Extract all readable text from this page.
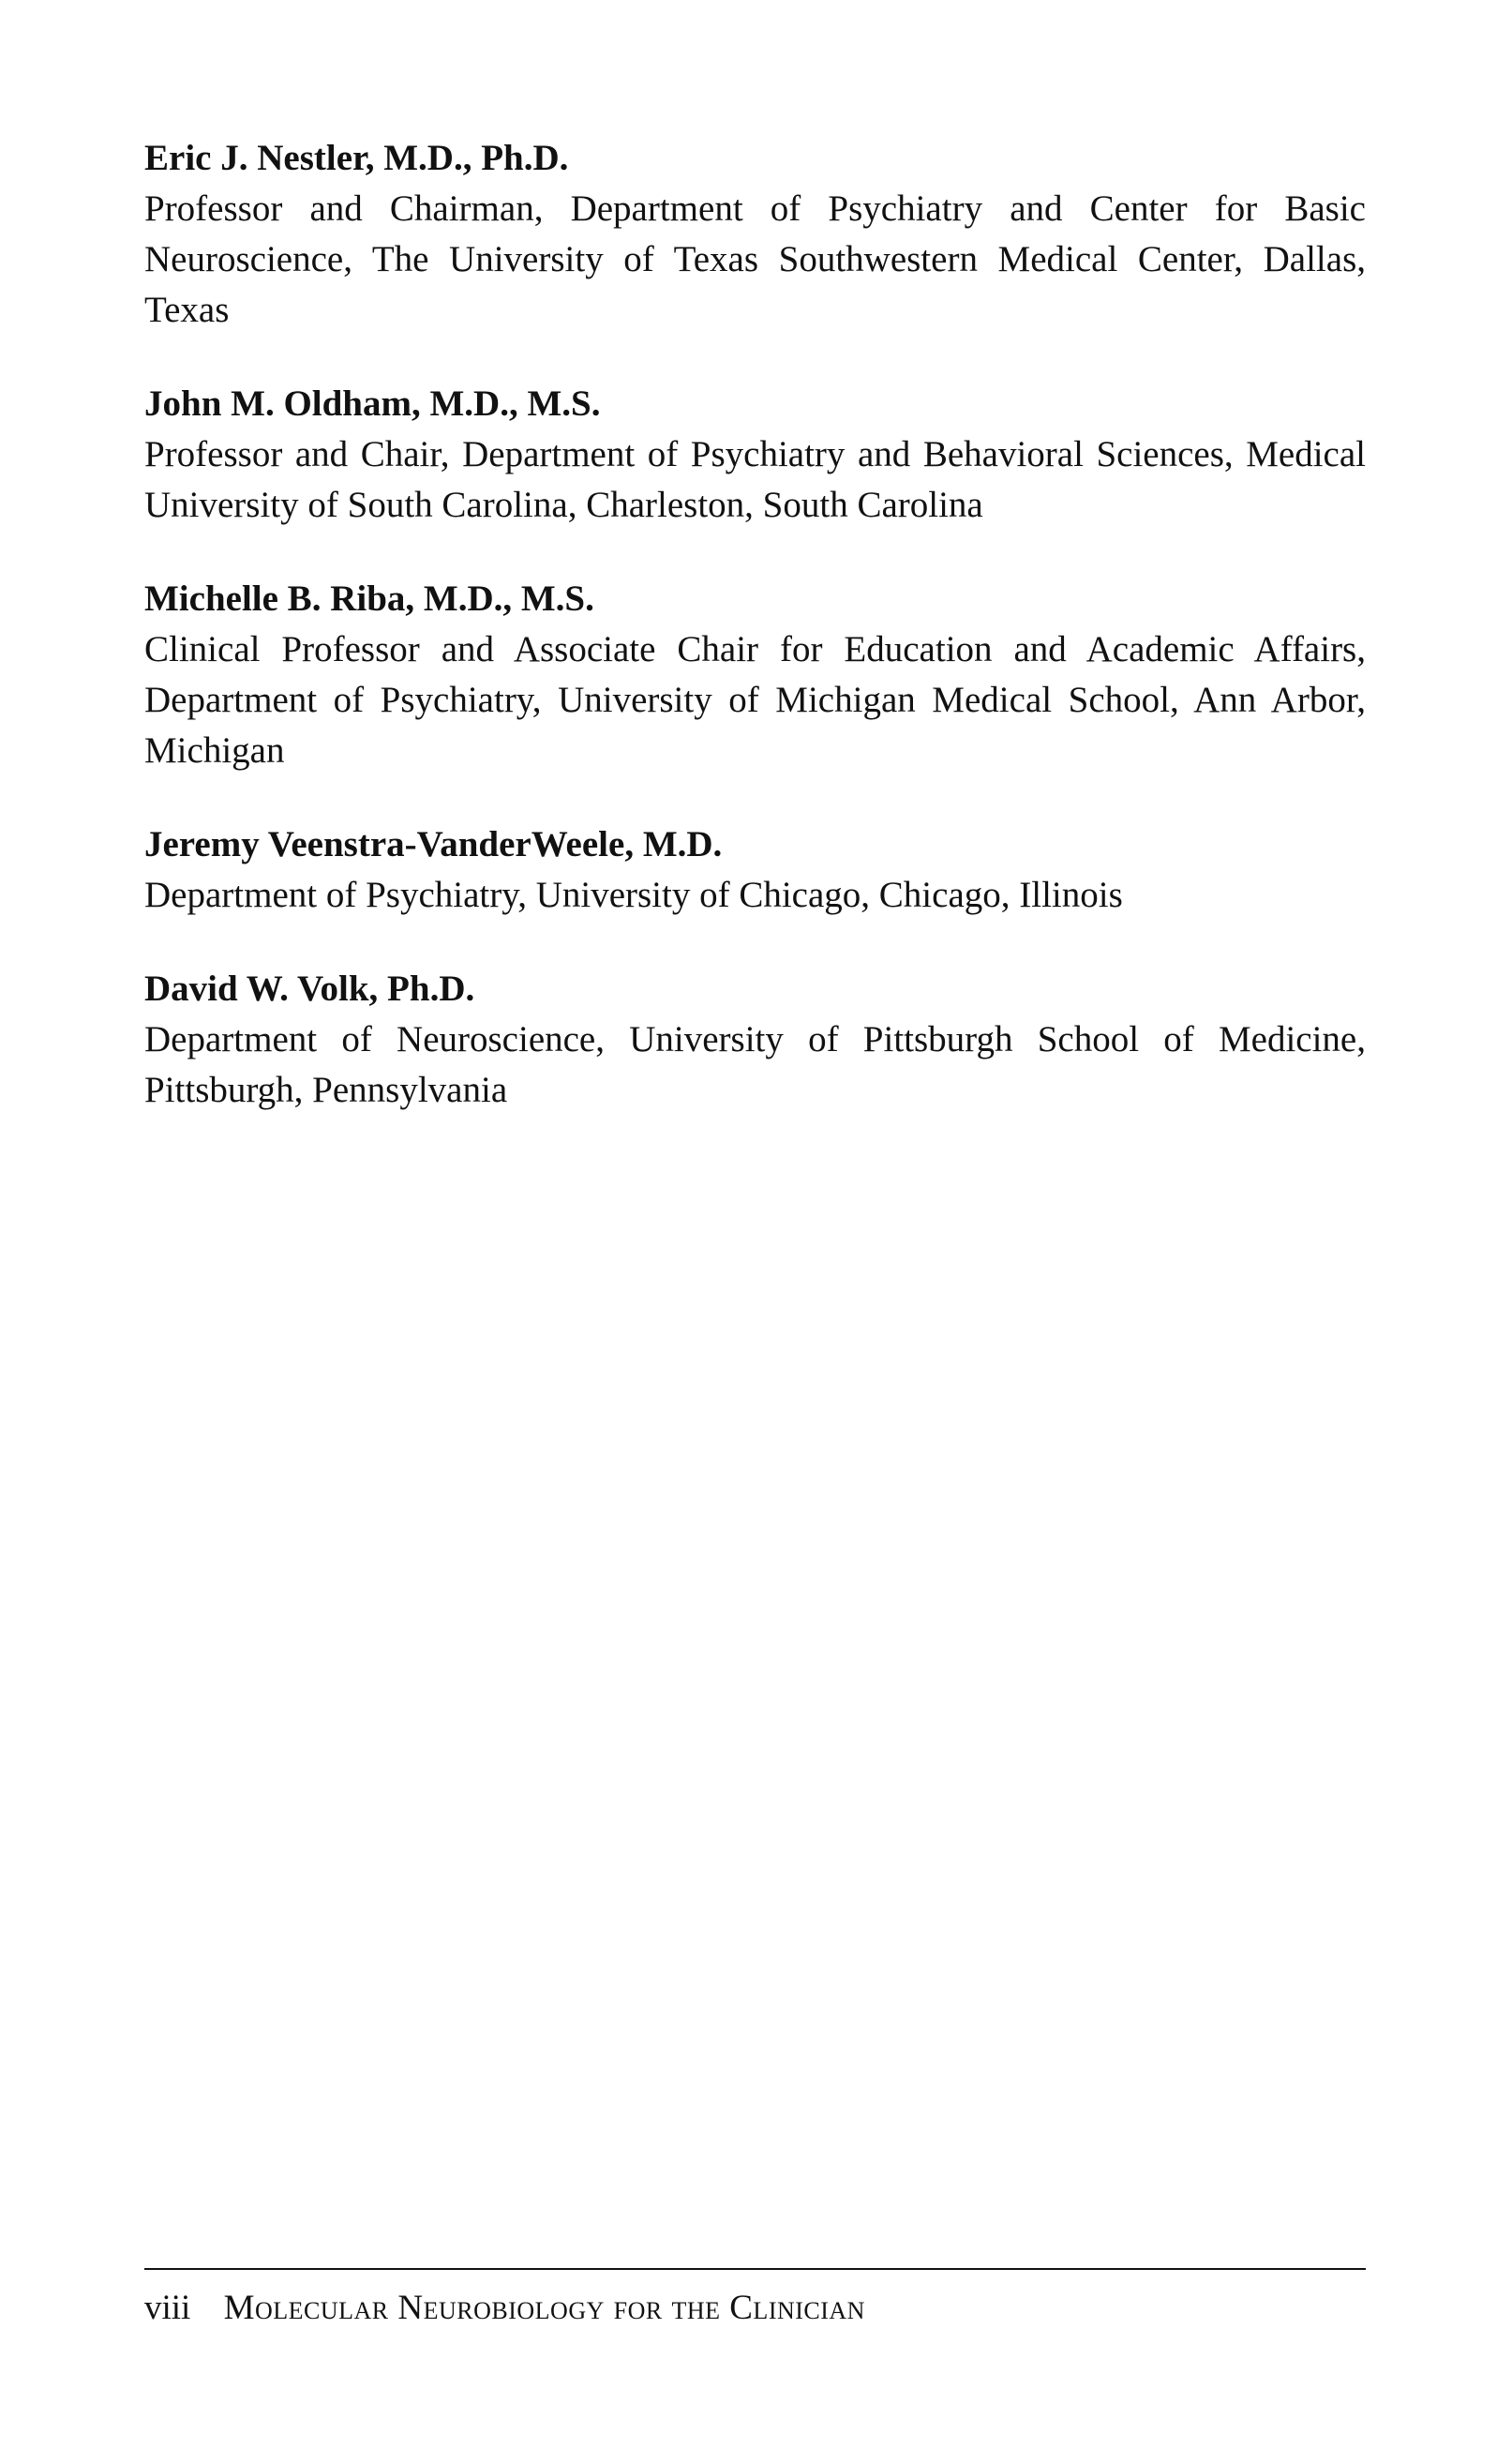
Eric J. Nestler, M.D., Ph.D.

Professor and Chairman, Department of Psychiatry and Center for Basic Neuroscience, The University of Texas Southwestern Medical Center, Dallas, Texas

John M. Oldham, M.D., M.S.

Professor and Chair, Department of Psychiatry and Behavioral Sciences, Medical University of South Carolina, Charleston, South Carolina

Michelle B. Riba, M.D., M.S.

Clinical Professor and Associate Chair for Education and Academic Affairs, Department of Psychiatry, University of Michigan Medical School, Ann Arbor, Michigan

Jeremy Veenstra-VanderWeele, M.D.

Department of Psychiatry, University of Chicago, Chicago, Illinois

David W. Volk, Ph.D.

Department of Neuroscience, University of Pittsburgh School of Medicine, Pittsburgh, Pennsylvania

viii Molecular Neurobiology for the Clinician
